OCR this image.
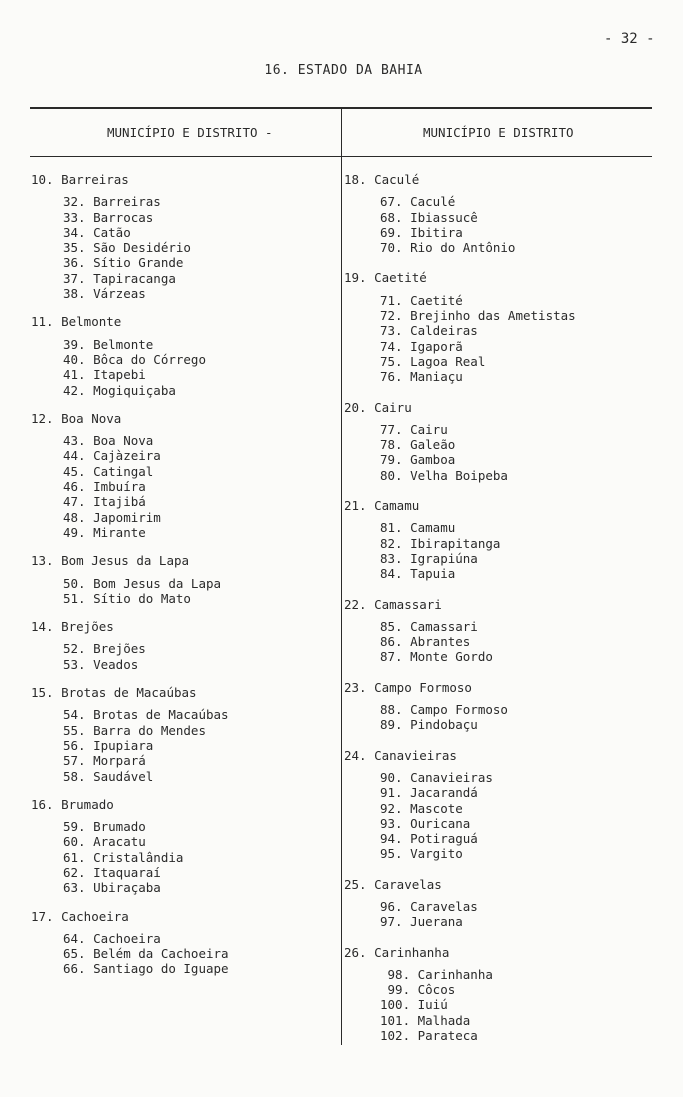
- 32 -
16. ESTADO DA BAHIA
MUNICÍPIO E DISTRITO -	MUNICÍPIO E DISTRITO
10. Barreiras
32. Barreiras
33. Barrocas
34. Catão
35. São Desidério
36. Sítio Grande
37. Tapiracanga
38. Várzeas
11. Belmonte
39. Belmonte
40. Bôca do Córrego
41. Itapebi
42. Mogiquiçaba
12. Boa Nova
43. Boa Nova
44. Cajàzeira
45. Catingal
46. Imbuíra
47. Itajibá
48. Japomirim
49. Mirante
13. Bom Jesus da Lapa
50. Bom Jesus da Lapa
51. Sítio do Mato
14. Brejões
52. Brejões
53. Veados
15. Brotas de Macaúbas
54. Brotas de Macaúbas
55. Barra do Mendes
56. Ipupiara
57. Morpará
58. Saudável
16. Brumado
59. Brumado
60. Aracatu
61. Cristalândia
62. Itaquaraí
63. Ubiraçaba
17. Cachoeira
64. Cachoeira
65. Belém da Cachoeira
66. Santiago do Iguape
18. Caculé
67. Caculé
68. Ibiassucê
69. Ibitira
70. Rio do Antônio
19. Caetité
71. Caetité
72. Brejinho das Ametistas
73. Caldeiras
74. Igaporã
75. Lagoa Real
76. Maniaçu
20. Cairu
77. Cairu
78. Galeão
79. Gamboa
80. Velha Boipeba
21. Camamu
81. Camamu
82. Ibirapitanga
83. Igrapiúna
84. Tapuia
22. Camassari
85. Camassari
86. Abrantes
87. Monte Gordo
23. Campo Formoso
88. Campo Formoso
89. Pindobaçu
24. Canavieiras
90. Canavieiras
91. Jacarandá
92. Mascote
93. Ouricana
94. Potiraguá
95. Vargito
25. Caravelas
96. Caravelas
97. Juerana
26. Carinhanha
98. Carinhanha
99. Côcos
100. Iuiú
101. Malhada
102. Parateca
